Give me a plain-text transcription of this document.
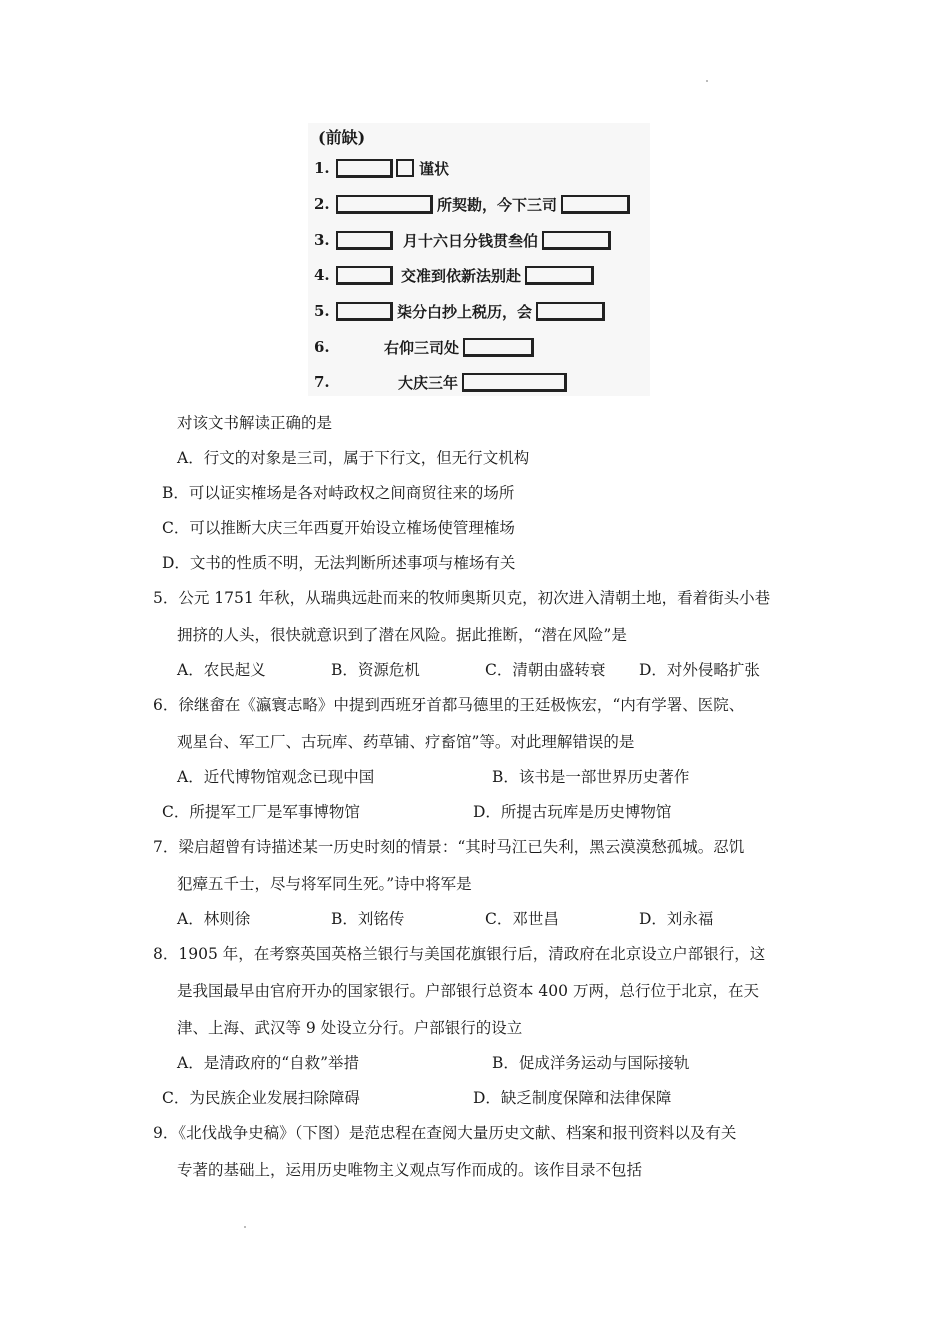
(前缺)
1.	谨状
2.	所契勘，今下三司
3.	月十六日分钱贯叁伯
4.	交准到依新法别赴
5.	柒分白抄上税历，会
6.	右仰三司处
7.	大庆三年
对该文书解读正确的是
A．行文的对象是三司，属于下行文，但无行文机构
B．可以证实榷场是各对峙政权之间商贸往来的场所
C．可以推断大庆三年西夏开始设立榷场使管理榷场
D．文书的性质不明，无法判断所述事项与榷场有关
5．公元 1751 年秋，从瑞典远赴而来的牧师奥斯贝克，初次进入清朝土地，看着街头小巷
拥挤的人头，很快就意识到了潜在风险。据此推断，“潜在风险”是
A．农民起义	B．资源危机	C．清朝由盛转衰 D．对外侵略扩张
6．徐继畲在《瀛寰志略》中提到西班牙首都马德里的王廷极恢宏，“内有学署、医院、
观星台、军工厂、古玩库、药草铺、疗畜馆”等。对此理解错误的是
A．近代博物馆观念已现中国	B．该书是一部世界历史著作
C．所提军工厂是军事博物馆	D．所提古玩库是历史博物馆
7．梁启超曾有诗描述某一历史时刻的情景：“其时马江已失利，黑云漠漠愁孤城。忍饥
犯瘴五千士，尽与将军同生死。”诗中将军是
A．林则徐	B．刘铭传	C．邓世昌	D．刘永福
8．1905 年，在考察英国英格兰银行与美国花旗银行后，清政府在北京设立户部银行，这
是我国最早由官府开办的国家银行。户部银行总资本 400 万两，总行位于北京，在天
津、上海、武汉等 9 处设立分行。户部银行的设立
A．是清政府的“自救”举措	B．促成洋务运动与国际接轨
C．为民族企业发展扫除障碍	D．缺乏制度保障和法律保障
9．《北伐战争史稿》（下图）是范忠程在查阅大量历史文献、档案和报刊资料以及有关
专著的基础上，运用历史唯物主义观点写作而成的。该作目录不包括
